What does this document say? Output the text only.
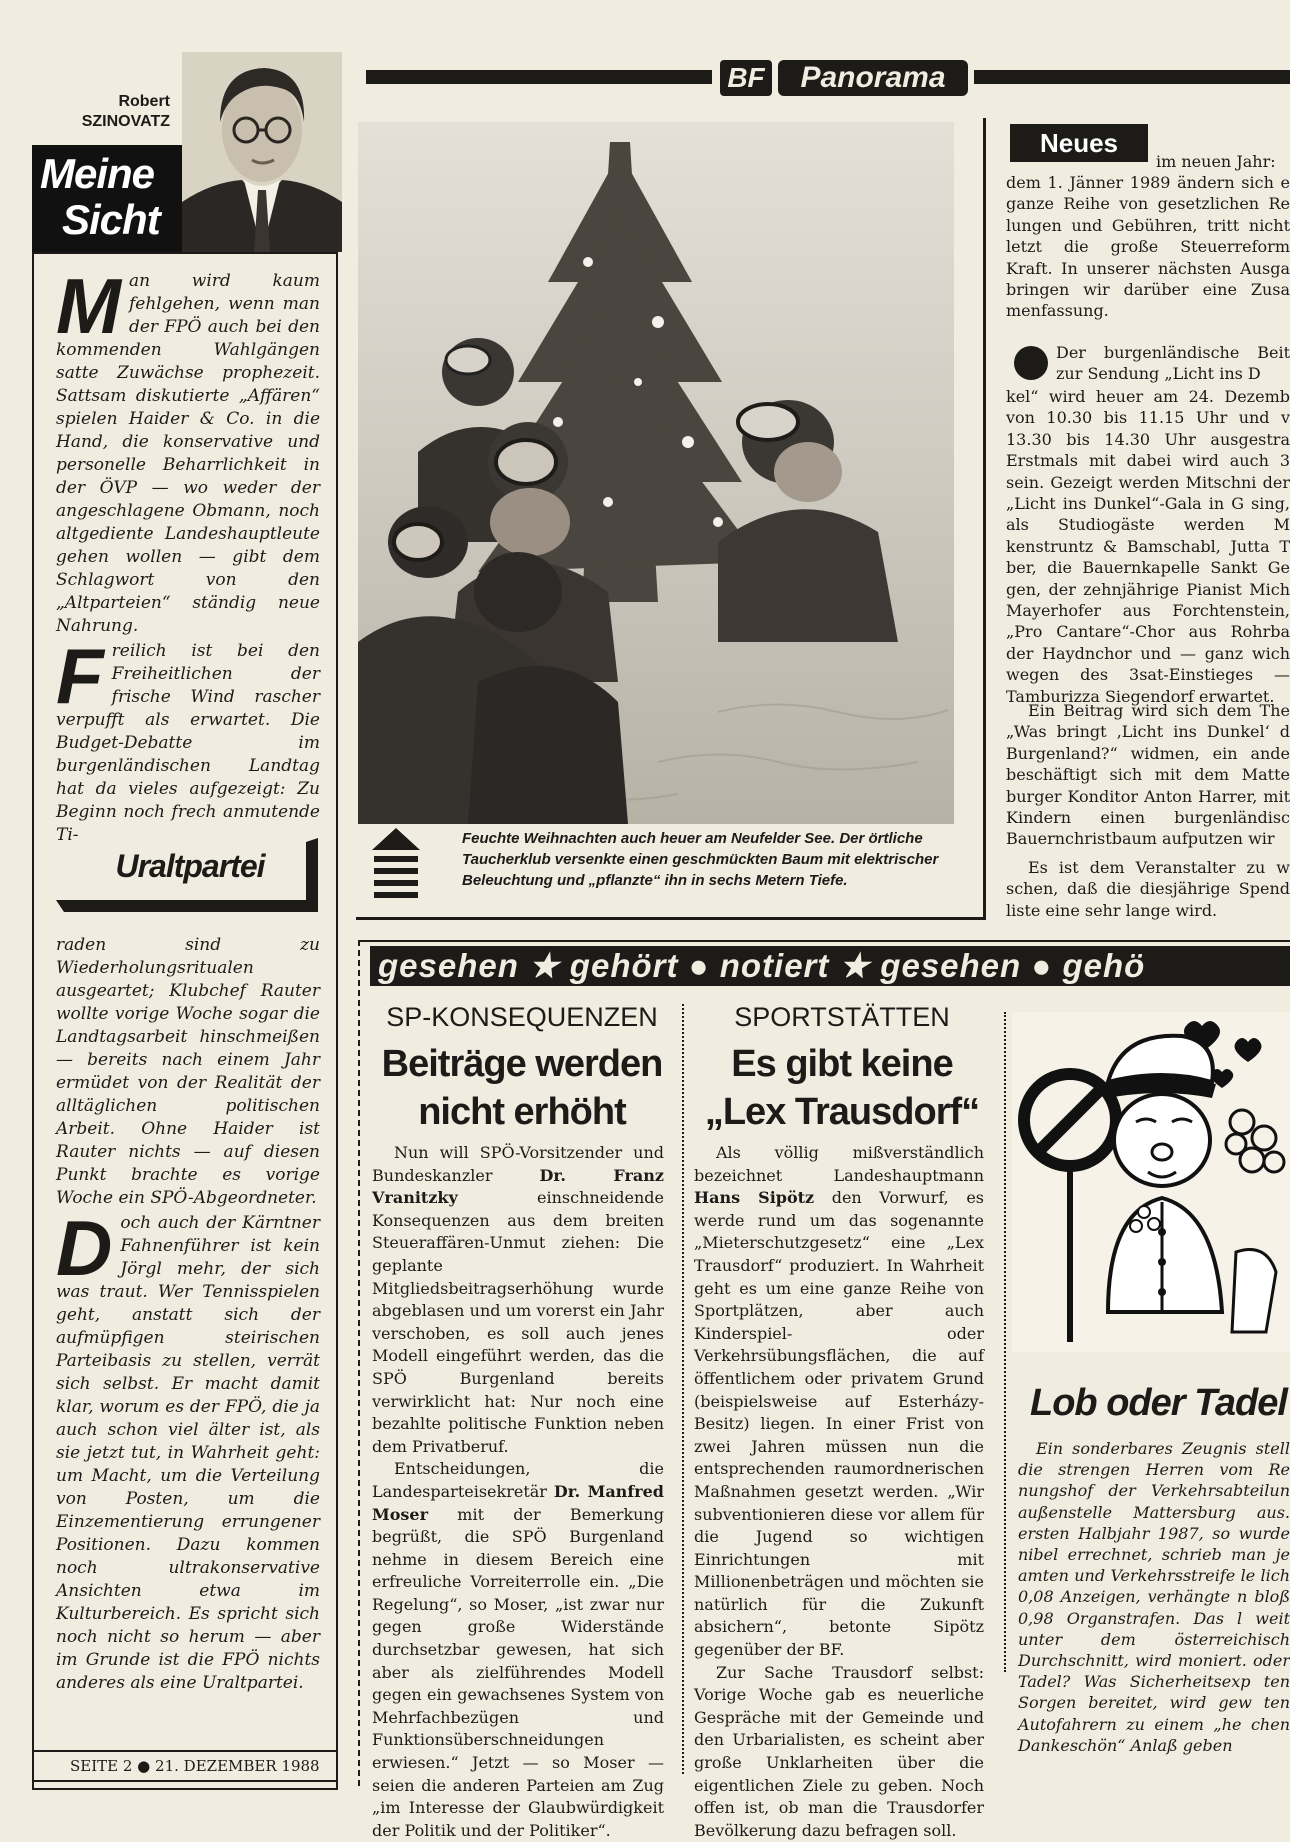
Robert
SZINOVATZ
Meine
Sicht
Man wird kaum fehlgehen, wenn man der FPÖ auch bei den kommenden Wahlgängen satte Zuwächse prophezeit. Sattsam diskutierte „Affären“ spielen Haider & Co. in die Hand, die konservative und personelle Beharrlichkeit in der ÖVP — wo weder der angeschlagene Obmann, noch altgediente Landeshauptleute gehen wollen — gibt dem Schlagwort von den „Altparteien“ ständig neue Nahrung.
Freilich ist bei den Freiheitlichen der frische Wind rascher verpufft als erwartet. Die Budget-Debatte im burgenländischen Landtag hat da vieles aufgezeigt: Zu Beginn noch frech anmutende Ti-
Uraltpartei
raden sind zu Wiederholungsritualen ausgeartet; Klubchef Rauter wollte vorige Woche sogar die Landtagsarbeit hinschmeißen — bereits nach einem Jahr ermüdet von der Realität der alltäglichen politischen Arbeit. Ohne Haider ist Rauter nichts — auf diesen Punkt brachte es vorige Woche ein SPÖ-Abgeordneter.
Doch auch der Kärntner Fahnenführer ist kein Jörgl mehr, der sich was traut. Wer Tennisspielen geht, anstatt sich der aufmüpfigen steirischen Parteibasis zu stellen, verrät sich selbst. Er macht damit klar, worum es der FPÖ, die ja auch schon viel älter ist, als sie jetzt tut, in Wahrheit geht: um Macht, um die Verteilung von Posten, um die Einzementierung errungener Positionen. Dazu kommen noch ultrakonservative Ansichten etwa im Kulturbereich. Es spricht sich noch nicht so herum — aber im Grunde ist die FPÖ nichts anderes als eine Uraltpartei.
SEITE 2 ● 21. DEZEMBER 1988
BF	Panorama
Feuchte Weihnachten auch heuer am Neufelder See. Der örtliche Taucherklub versenkte einen geschmückten Baum mit elektrischer Beleuchtung und „pflanzte“ ihn in sechs Metern Tiefe.
Neues
im neuen Jahr:
dem 1. Jänner 1989 ändern sich e ganze Reihe von gesetzlichen Re lungen und Gebühren, tritt nicht letzt die große Steuerreform Kraft. In unserer nächsten Ausga bringen wir darüber eine Zusa menfassung.
Der burgenländische Beit zur Sendung „Licht ins D
kel“ wird heuer am 24. Dezemb von 10.30 bis 11.15 Uhr und v 13.30 bis 14.30 Uhr ausgestra Erstmals mit dabei wird auch 3 sein. Gezeigt werden Mitschni der „Licht ins Dunkel“-Gala in G sing, als Studiogäste werden M kenstruntz & Bamschabl, Jutta T ber, die Bauernkapelle Sankt Ge gen, der zehnjährige Pianist Mich Mayerhofer aus Forchtenstein, „Pro Cantare“-Chor aus Rohrba der Haydnchor und — ganz wich wegen des 3sat-Einstieges — Tamburizza Siegendorf erwartet.
Ein Beitrag wird sich dem The „Was bringt ‚Licht ins Dunkel‘ d Burgenland?“ widmen, ein ande beschäftigt sich mit dem Matte burger Konditor Anton Harrer, mit Kindern einen burgenländisc Bauernchristbaum aufputzen wir
Es ist dem Veranstalter zu w schen, daß die diesjährige Spend liste eine sehr lange wird.
gesehen ★ gehört ● notiert ★ gesehen ● gehö
SP-KONSEQUENZEN
Beiträge werden
nicht erhöht

Nun will SPÖ-Vorsitzender und Bundeskanzler Dr. Franz Vranitzky einschneidende Konsequenzen aus dem breiten Steueraffären-Unmut ziehen: Die geplante Mitgliedsbeitragserhöhung wurde abgeblasen und um vorerst ein Jahr verschoben, es soll auch jenes Modell eingeführt werden, das die SPÖ Burgenland bereits verwirklicht hat: Nur noch eine bezahlte politische Funktion neben dem Privatberuf.

Entscheidungen, die Landesparteisekretär Dr. Manfred Moser mit der Bemerkung begrüßt, die SPÖ Burgenland nehme in diesem Bereich eine erfreuliche Vorreiterrolle ein. „Die Regelung“, so Moser, „ist zwar nur gegen große Widerstände durchsetzbar gewesen, hat sich aber als zielführendes Modell gegen ein gewachsenes System von Mehrfachbezügen und Funktionsüberschneidungen erwiesen.“ Jetzt — so Moser — seien die anderen Parteien am Zug „im Interesse der Glaubwürdigkeit der Politik und der Politiker“.

SPORTSTÄTTEN
Es gibt keine
„Lex Trausdorf“

Als völlig mißverständlich bezeichnet Landeshauptmann Hans Sipötz den Vorwurf, es werde rund um das sogenannte „Mieterschutzgesetz“ eine „Lex Trausdorf“ produziert. In Wahrheit geht es um eine ganze Reihe von Sportplätzen, aber auch Kinderspiel- oder Verkehrsübungsflächen, die auf öffentlichem oder privatem Grund (beispielsweise auf Esterházy-Besitz) liegen. In einer Frist von zwei Jahren müssen nun die entsprechenden raumordnerischen Maßnahmen gesetzt werden. „Wir subventionieren diese vor allem für die Jugend so wichtigen Einrichtungen mit Millionenbeträgen und möchten sie natürlich für die Zukunft absichern“, betonte Sipötz gegenüber der BF.

Zur Sache Trausdorf selbst: Vorige Woche gab es neuerliche Gespräche mit der Gemeinde und den Urbarialisten, es scheint aber große Unklarheiten über die eigentlichen Ziele zu geben. Noch offen ist, ob man die Trausdorfer Bevölkerung dazu befragen soll.

Lob oder Tadel

Ein sonderbares Zeugnis stell die strengen Herren vom Re nungshof der Verkehrsabteilun außenstelle Mattersburg aus. ersten Halbjahr 1987, so wurde nibel errechnet, schrieb man je amten und Verkehrsstreife le lich 0,08 Anzeigen, verhängte n bloß 0,98 Organstrafen. Das l weit unter dem österreichisch Durchschnitt, wird moniert. oder Tadel? Was Sicherheitsexp ten Sorgen bereitet, wird gew ten Autofahrern zu einem „he chen Dankeschön“ Anlaß geben
